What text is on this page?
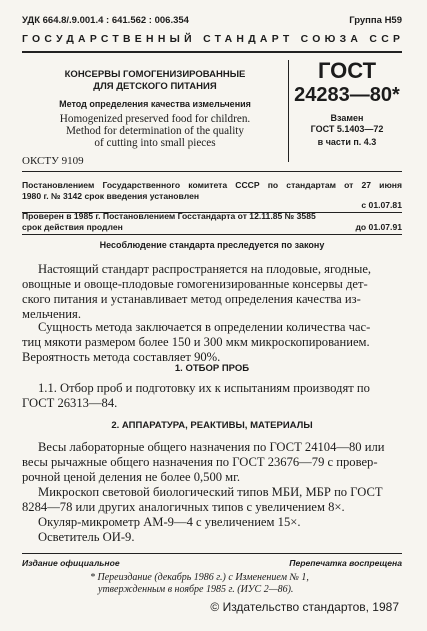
УДК 664.8/.9.001.4 : 641.562 : 006.354	Группа Н59
ГОСУДАРСТВЕННЫЙ СТАНДАРТ СОЮЗА ССР
КОНСЕРВЫ ГОМОГЕНИЗИРОВАННЫЕ
ДЛЯ ДЕТСКОГО ПИТАНИЯ
Метод определения качества измельчения
Homogenized preserved food for children.
Method for determination of the quality
of cutting into small pieces
ОКСТУ 9109
ГОСТ
24283—80*
Взамен
ГОСТ 5.1403—72
в части п. 4.3
Постановлением Государственного комитета СССР по стандартам от 27 июня
1980 г. № 3142 срок введения установлен
с 01.07.81
Проверен в 1985 г. Постановлением Госстандарта от 12.11.85 № 3585
срок действия продлен	до 01.07.91
Несоблюдение стандарта преследуется по закону
Настоящий стандарт распространяется на плодовые, ягодные,
овощные и овоще-плодовые гомогенизированные консервы дет-
ского питания и устанавливает метод определения качества из-
мельчения.
Сущность метода заключается в определении количества час-
тиц мякоти размером более 150 и 300 мкм микроскопированием.
Вероятность метода составляет 90%.
1. ОТБОР ПРОБ
1.1. Отбор проб и подготовку их к испытаниям производят по
ГОСТ 26313—84.
2. АППАРАТУРА, РЕАКТИВЫ, МАТЕРИАЛЫ
Весы лабораторные общего назначения по ГОСТ 24104—80 или
весы рычажные общего назначения по ГОСТ 23676—79 с провер-
рочной ценой деления не более 0,500 мг.
Микроскоп световой биологический типов МБИ, МБР по ГОСТ
8284—78 или других аналогичных типов с увеличением 8×.
Окуляр-микрометр АМ-9—4 с увеличением 15×.
Осветитель ОИ-9.
Издание официальное	Перепечатка воспрещена
* Переиздание (декабрь 1986 г.) с Изменением № 1,
утвержденным в ноябре 1985 г. (ИУС 2—86).
© Издательство стандартов, 1987
